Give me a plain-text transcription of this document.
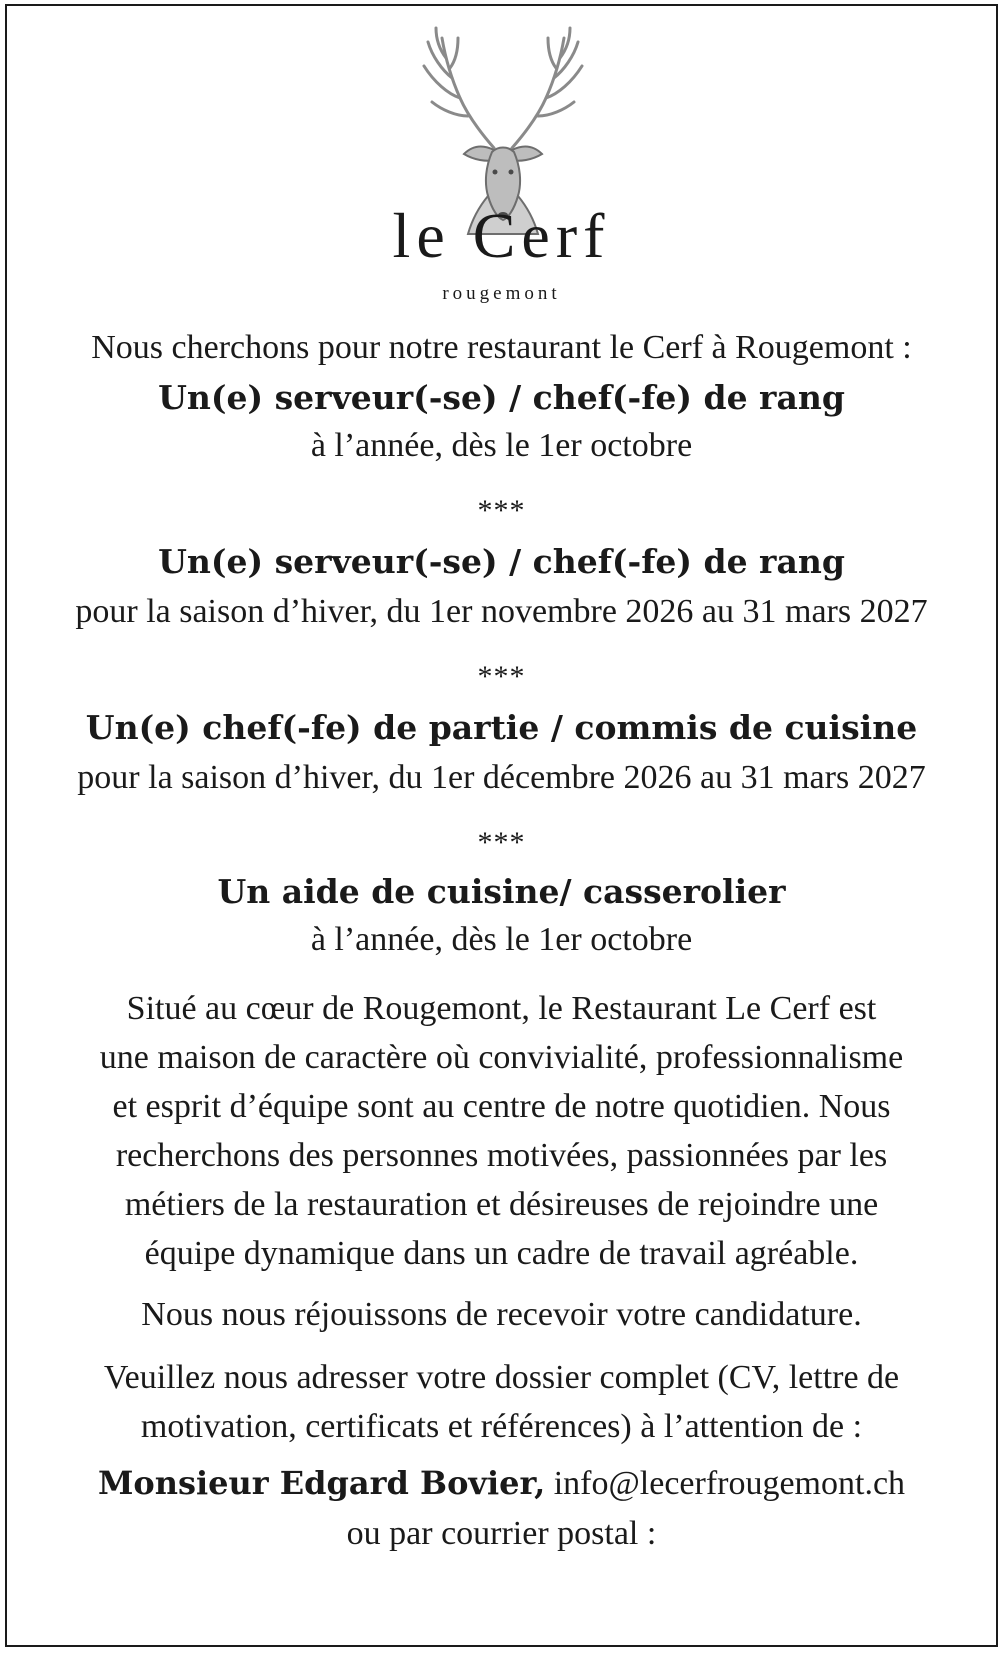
le Cerf
rougemont
Nous cherchons pour notre restaurant le Cerf à Rougemont :
Un(e) serveur(-se) / chef(-fe) de rang
à l’année, dès le 1er octobre
***
Un(e) serveur(-se) / chef(-fe) de rang
pour la saison d’hiver, du 1er novembre 2026 au 31 mars 2027
***
Un(e) chef(-fe) de partie / commis de cuisine
pour la saison d’hiver, du 1er décembre 2026 au 31 mars 2027
***
Un aide de cuisine/ casserolier
à l’année, dès le 1er octobre
Situé au cœur de Rougemont, le Restaurant Le Cerf est
une maison de caractère où convivialité, professionnalisme
et esprit d’équipe sont au centre de notre quotidien. Nous
recherchons des personnes motivées, passionnées par les
métiers de la restauration et désireuses de rejoindre une
équipe dynamique dans un cadre de travail agréable.
Nous nous réjouissons de recevoir votre candidature.
Veuillez nous adresser votre dossier complet (CV, lettre de
motivation, certificats et références) à l’attention de :
Monsieur Edgard Bovier, info@lecerfrougemont.ch
ou par courrier postal :
